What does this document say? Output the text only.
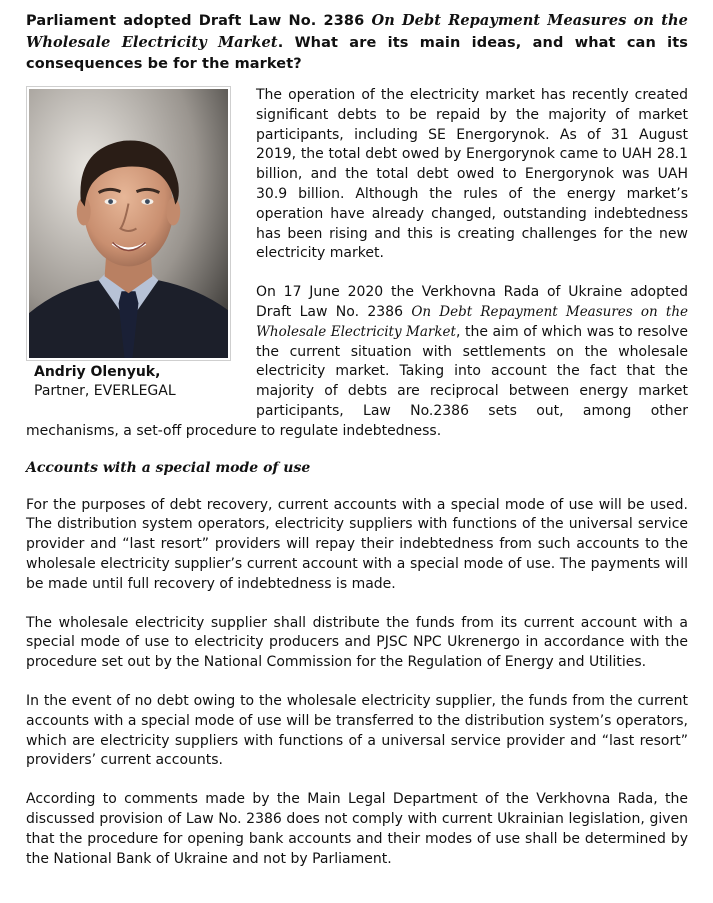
Parliament adopted Draft Law No. 2386 On Debt Repayment Measures on the Wholesale Electricity Market. What are its main ideas, and what can its consequences be for the market?
Andriy Olenyuk,
Partner, EVERLEGAL

The operation of the electricity market has recently created significant debts to be repaid by the majority of market participants, including SE Energorynok. As of 31 August 2019, the total debt owed by Energorynok came to UAH 28.1 billion, and the total debt owed to Energorynok was UAH 30.9 billion. Although the rules of the energy market’s operation have already changed, outstanding indebtedness has been rising and this is creating challenges for the new electricity market.

On 17 June 2020 the Verkhovna Rada of Ukraine adopted Draft Law No. 2386 On Debt Repayment Measures on the Wholesale Electricity Market, the aim of which was to resolve the current situation with settlements on the wholesale electricity market. Taking into account the fact that the majority of debts are reciprocal between energy market participants, Law No.2386 sets out, among other mechanisms, a set-off procedure to regulate indebtedness.

Accounts with a special mode of use

For the purposes of debt recovery, current accounts with a special mode of use will be used. The distribution system operators, electricity suppliers with functions of the universal service provider and “last resort” providers will repay their indebtedness from such accounts to the wholesale electricity supplier’s current account with a special mode of use. The payments will be made until full recovery of indebtedness is made.

The wholesale electricity supplier shall distribute the funds from its current account with a special mode of use to electricity producers and PJSC NPC Ukrenergo in accordance with the procedure set out by the National Commission for the Regulation of Energy and Utilities.

In the event of no debt owing to the wholesale electricity supplier, the funds from the current accounts with a special mode of use will be transferred to the distribution system’s operators, which are electricity suppliers with functions of a universal service provider and “last resort” providers’ current accounts.

According to comments made by the Main Legal Department of the Verkhovna Rada, the discussed provision of Law No. 2386 does not comply with current Ukrainian legislation, given that the procedure for opening bank accounts and their modes of use shall be determined by the National Bank of Ukraine and not by Parliament.
